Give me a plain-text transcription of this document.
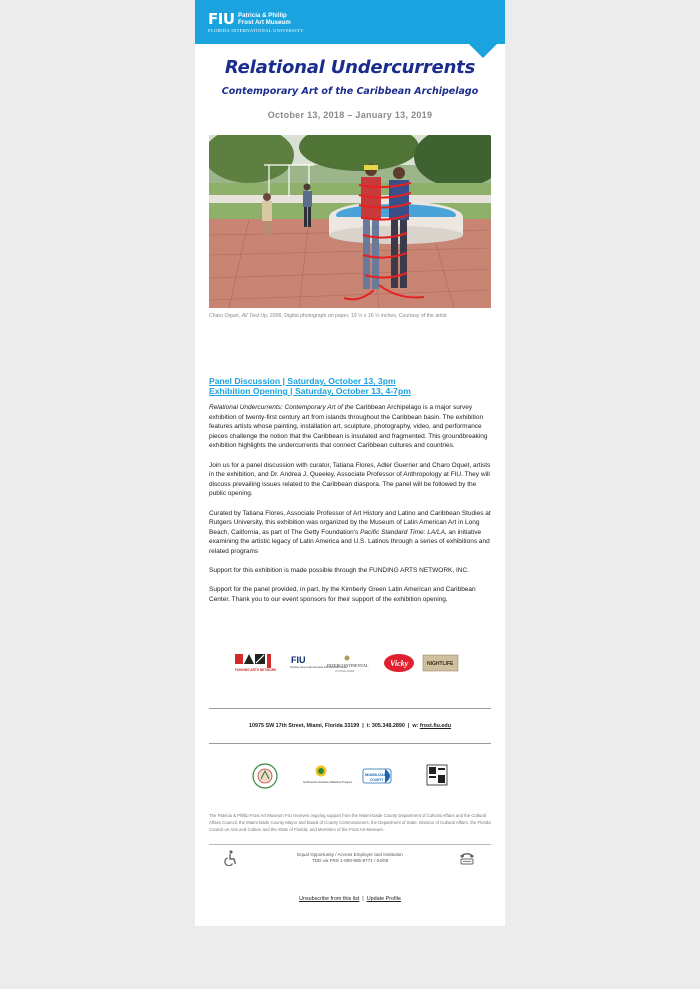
FIU Patricia & Phillip
Frost Art Museum
FLORIDA INTERNATIONAL UNIVERSITY
Relational Undercurrents
Contemporary Art of the Caribbean Archipelago
October 13, 2018 – January 13, 2019
Charo Oquet, All Tied Up, 2006, Digital photograph on paper, 19 ½ x 16 ½ inches, Courtesy of the artist
Panel Discussion | Saturday, October 13, 3pm
Exhibition Opening | Saturday, October 13, 4-7pm

Relational Undercurrents: Contemporary Art of the Caribbean Archipelago is a major survey exhibition of twenty-first century art from islands throughout the Caribbean basin. The exhibition features artists whose painting, installation art, sculpture, photography, video, and performance pieces challenge the notion that the Caribbean is insulated and fragmented. This groundbreaking exhibition highlights the undercurrents that connect Caribbean cultures and countries.

Join us for a panel discussion with curator, Tatiana Flores, Adler Guerrier and Charo Oquet, artists in the exhibition, and Dr. Andrea J. Queeley, Associate Professor of Anthropology at FIU. They will discuss prevailing issues related to the Caribbean diaspora. The panel will be followed by the public opening.

Curated by Tatiana Flores, Associate Professor of Art History and Latino and Caribbean Studies at Rutgers University, this exhibition was organized by the Museum of Latin American Art in Long Beach, California, as part of The Getty Foundation's Pacific Standard Time: LA/LA, an initiative examining the artistic legacy of Latin America and U.S. Latinos through a series of exhibitions and related programs

Support for this exhibition is made possible through the FUNDING ARTS NETWORK, INC.

Support for the panel provided, in part, by the Kimberly Green Latin American and Caribbean Center. Thank you to our event sponsors for their support of the exhibition opening.

FUNDING ARTS NETWORK
FIU
Kimberly Green Latin American and Caribbean Center
INTERCONTINENTAL
AT DORAL MIAMI
Vicky	NIGHTLIFE
10975 SW 17th Street, Miami, Florida 33199  |  t: 305.348.2890  |  w: frost.fiu.edu
Smithsonian Institution Affiliations Program
MIAMI-DADE
COUNTY
The Patricia & Phillip Frost Art Museum FIU receives ongoing support from the Miami-Dade County Department of Cultural Affairs and the Cultural Affairs Council, the Miami-Dade County Mayor and Board of County Commissioners, the Department of State, Division of Cultural Affairs, the Florida Council on Arts and Culture and the State of Florida; and Members of the Frost Art Museum.
Equal Opportunity / Access Employer and Institution
TDD via FRS 1-800-955-8771 / 04/09
Unsubscribe from this list  |  Update Profile
